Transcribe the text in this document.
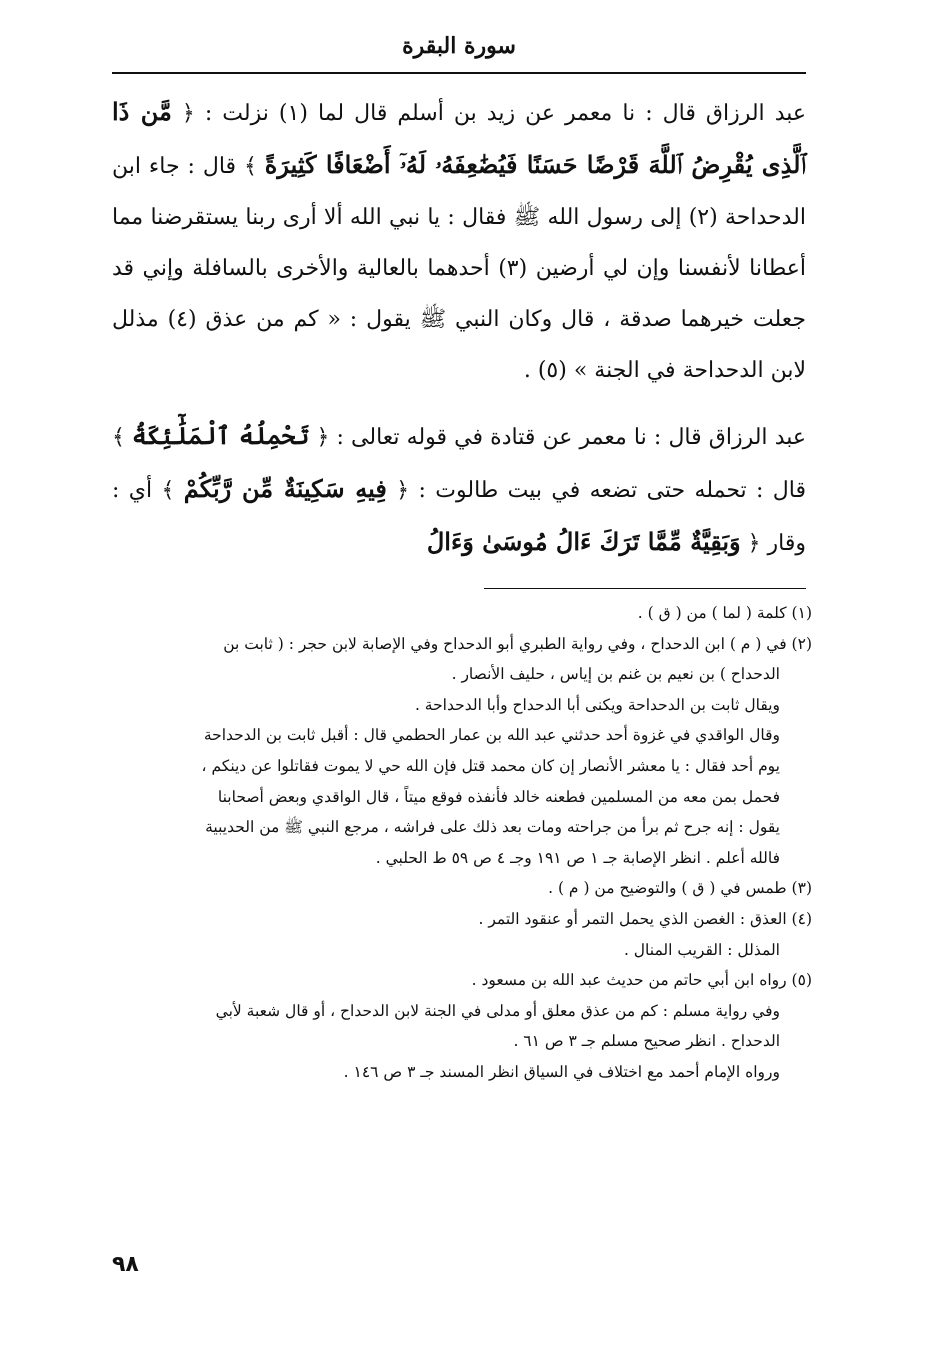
سورة البقرة

عبد الرزاق قال : نا معمر عن زيد بن أسلم قال لما (١) نزلت : ﴿ مَّن ذَا ٱلَّذِى يُقْرِضُ ٱللَّهَ قَرْضًا حَسَنًا فَيُضَٰعِفَهُۥ لَهُۥٓ أَضْعَافًا كَثِيرَةً ﴾ قال : جاء ابن الدحداحة (٢) إلى رسول الله ﷺ فقال : يا نبي الله ألا أرى ربنا يستقرضنا مما أعطانا لأنفسنا وإن لي أرضين (٣) أحدهما بالعالية والأخرى بالسافلة وإني قد جعلت خيرهما صدقة ، قال وكان النبي ﷺ يقول : « كم من عذق (٤) مذلل لابن الدحداحة في الجنة » (٥) .

عبد الرزاق قال : نا معمر عن قتادة في قوله تعالى : ﴿ تَحْمِلُهُ ٱلْمَلَٰٓئِكَةُ ﴾ قال : تحمله حتى تضعه في بيت طالوت : ﴿ فِيهِ سَكِينَةٌ مِّن رَّبِّكُمْ ﴾ أي : وقار ﴿ وَبَقِيَّةٌ مِّمَّا تَرَكَ ءَالُ مُوسَىٰ وَءَالُ

(١) كلمة ( لما ) من ( ق ) .
(٢) في ( م ) ابن الدحداح ، وفي رواية الطبري أبو الدحداح وفي الإصابة لابن حجر : ( ثابت بن
الدحداح ) بن نعيم بن غنم بن إياس ، حليف الأنصار .
ويقال ثابت بن الدحداحة ويكنى أبا الدحداح وأبا الدحداحة .
وقال الواقدي في غزوة أحد حدثني عبد الله بن عمار الحطمي قال : أقبل ثابت بن الدحداحة
يوم أحد فقال : يا معشر الأنصار إن كان محمد قتل فإن الله حي لا يموت فقاتلوا عن دينكم ،
فحمل بمن معه من المسلمين فطعنه خالد فأنفذه فوقع ميتاً ، قال الواقدي وبعض أصحابنا
يقول : إنه جرح ثم برأ من جراحته ومات بعد ذلك على فراشه ، مرجع النبي ﷺ من الحديبية
فالله أعلم . انظر الإصابة جـ ١ ص ١٩١ وجـ ٤ ص ٥٩ ط الحلبي .
(٣) طمس في ( ق ) والتوضيح من ( م ) .
(٤) العذق : الغصن الذي يحمل التمر أو عنقود التمر .
المذلل : القريب المنال .
(٥) رواه ابن أبي حاتم من حديث عبد الله بن مسعود .
وفي رواية مسلم : كم من عذق معلق أو مدلى في الجنة لابن الدحداح ، أو قال شعبة لأبي
الدحداح . انظر صحيح مسلم جـ ٣ ص ٦١ .
ورواه الإمام أحمد مع اختلاف في السياق انظر المسند جـ ٣ ص ١٤٦ .
٩٨
